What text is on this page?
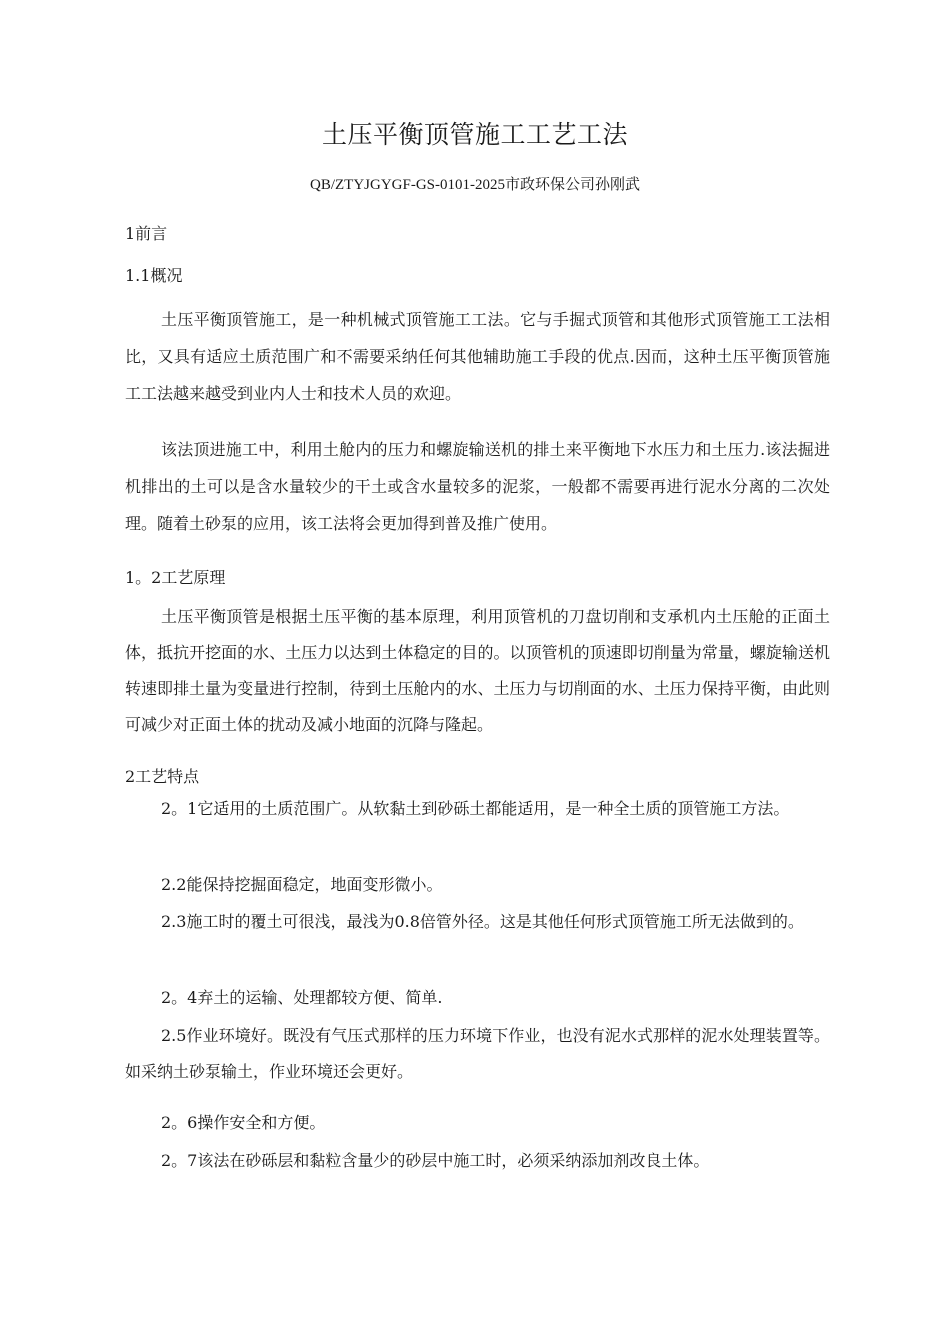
土压平衡顶管施工工艺工法
QB/ZTYJGYGF-GS-0101-2025市政环保公司孙刚武
1前言
1.1概况
土压平衡顶管施工，是一种机械式顶管施工工法。它与手掘式顶管和其他形式顶管施工工法相比，又具有适应土质范围广和不需要采纳任何其他辅助施工手段的优点.因而，这种土压平衡顶管施工工法越来越受到业内人士和技术人员的欢迎。
该法顶进施工中，利用土舱内的压力和螺旋输送机的排土来平衡地下水压力和土压力.该法掘进机排出的土可以是含水量较少的干土或含水量较多的泥浆，一般都不需要再进行泥水分离的二次处理。随着土砂泵的应用，该工法将会更加得到普及推广使用。
1。2工艺原理
土压平衡顶管是根据土压平衡的基本原理，利用顶管机的刀盘切削和支承机内土压舱的正面土体，抵抗开挖面的水、土压力以达到土体稳定的目的。以顶管机的顶速即切削量为常量，螺旋输送机转速即排土量为变量进行控制，待到土压舱内的水、土压力与切削面的水、土压力保持平衡，由此则可减少对正面土体的扰动及减小地面的沉降与隆起。
2工艺特点
2。1它适用的土质范围广。从软黏土到砂砾土都能适用，是一种全土质的顶管施工方法。
2.2能保持挖掘面稳定，地面变形微小。
2.3施工时的覆土可很浅，最浅为0.8倍管外径。这是其他任何形式顶管施工所无法做到的。
2。4弃土的运输、处理都较方便、简单.
2.5作业环境好。既没有气压式那样的压力环境下作业，也没有泥水式那样的泥水处理装置等。如采纳土砂泵输土，作业环境还会更好。
2。6操作安全和方便。
2。7该法在砂砾层和黏粒含量少的砂层中施工时，必须采纳添加剂改良土体。
